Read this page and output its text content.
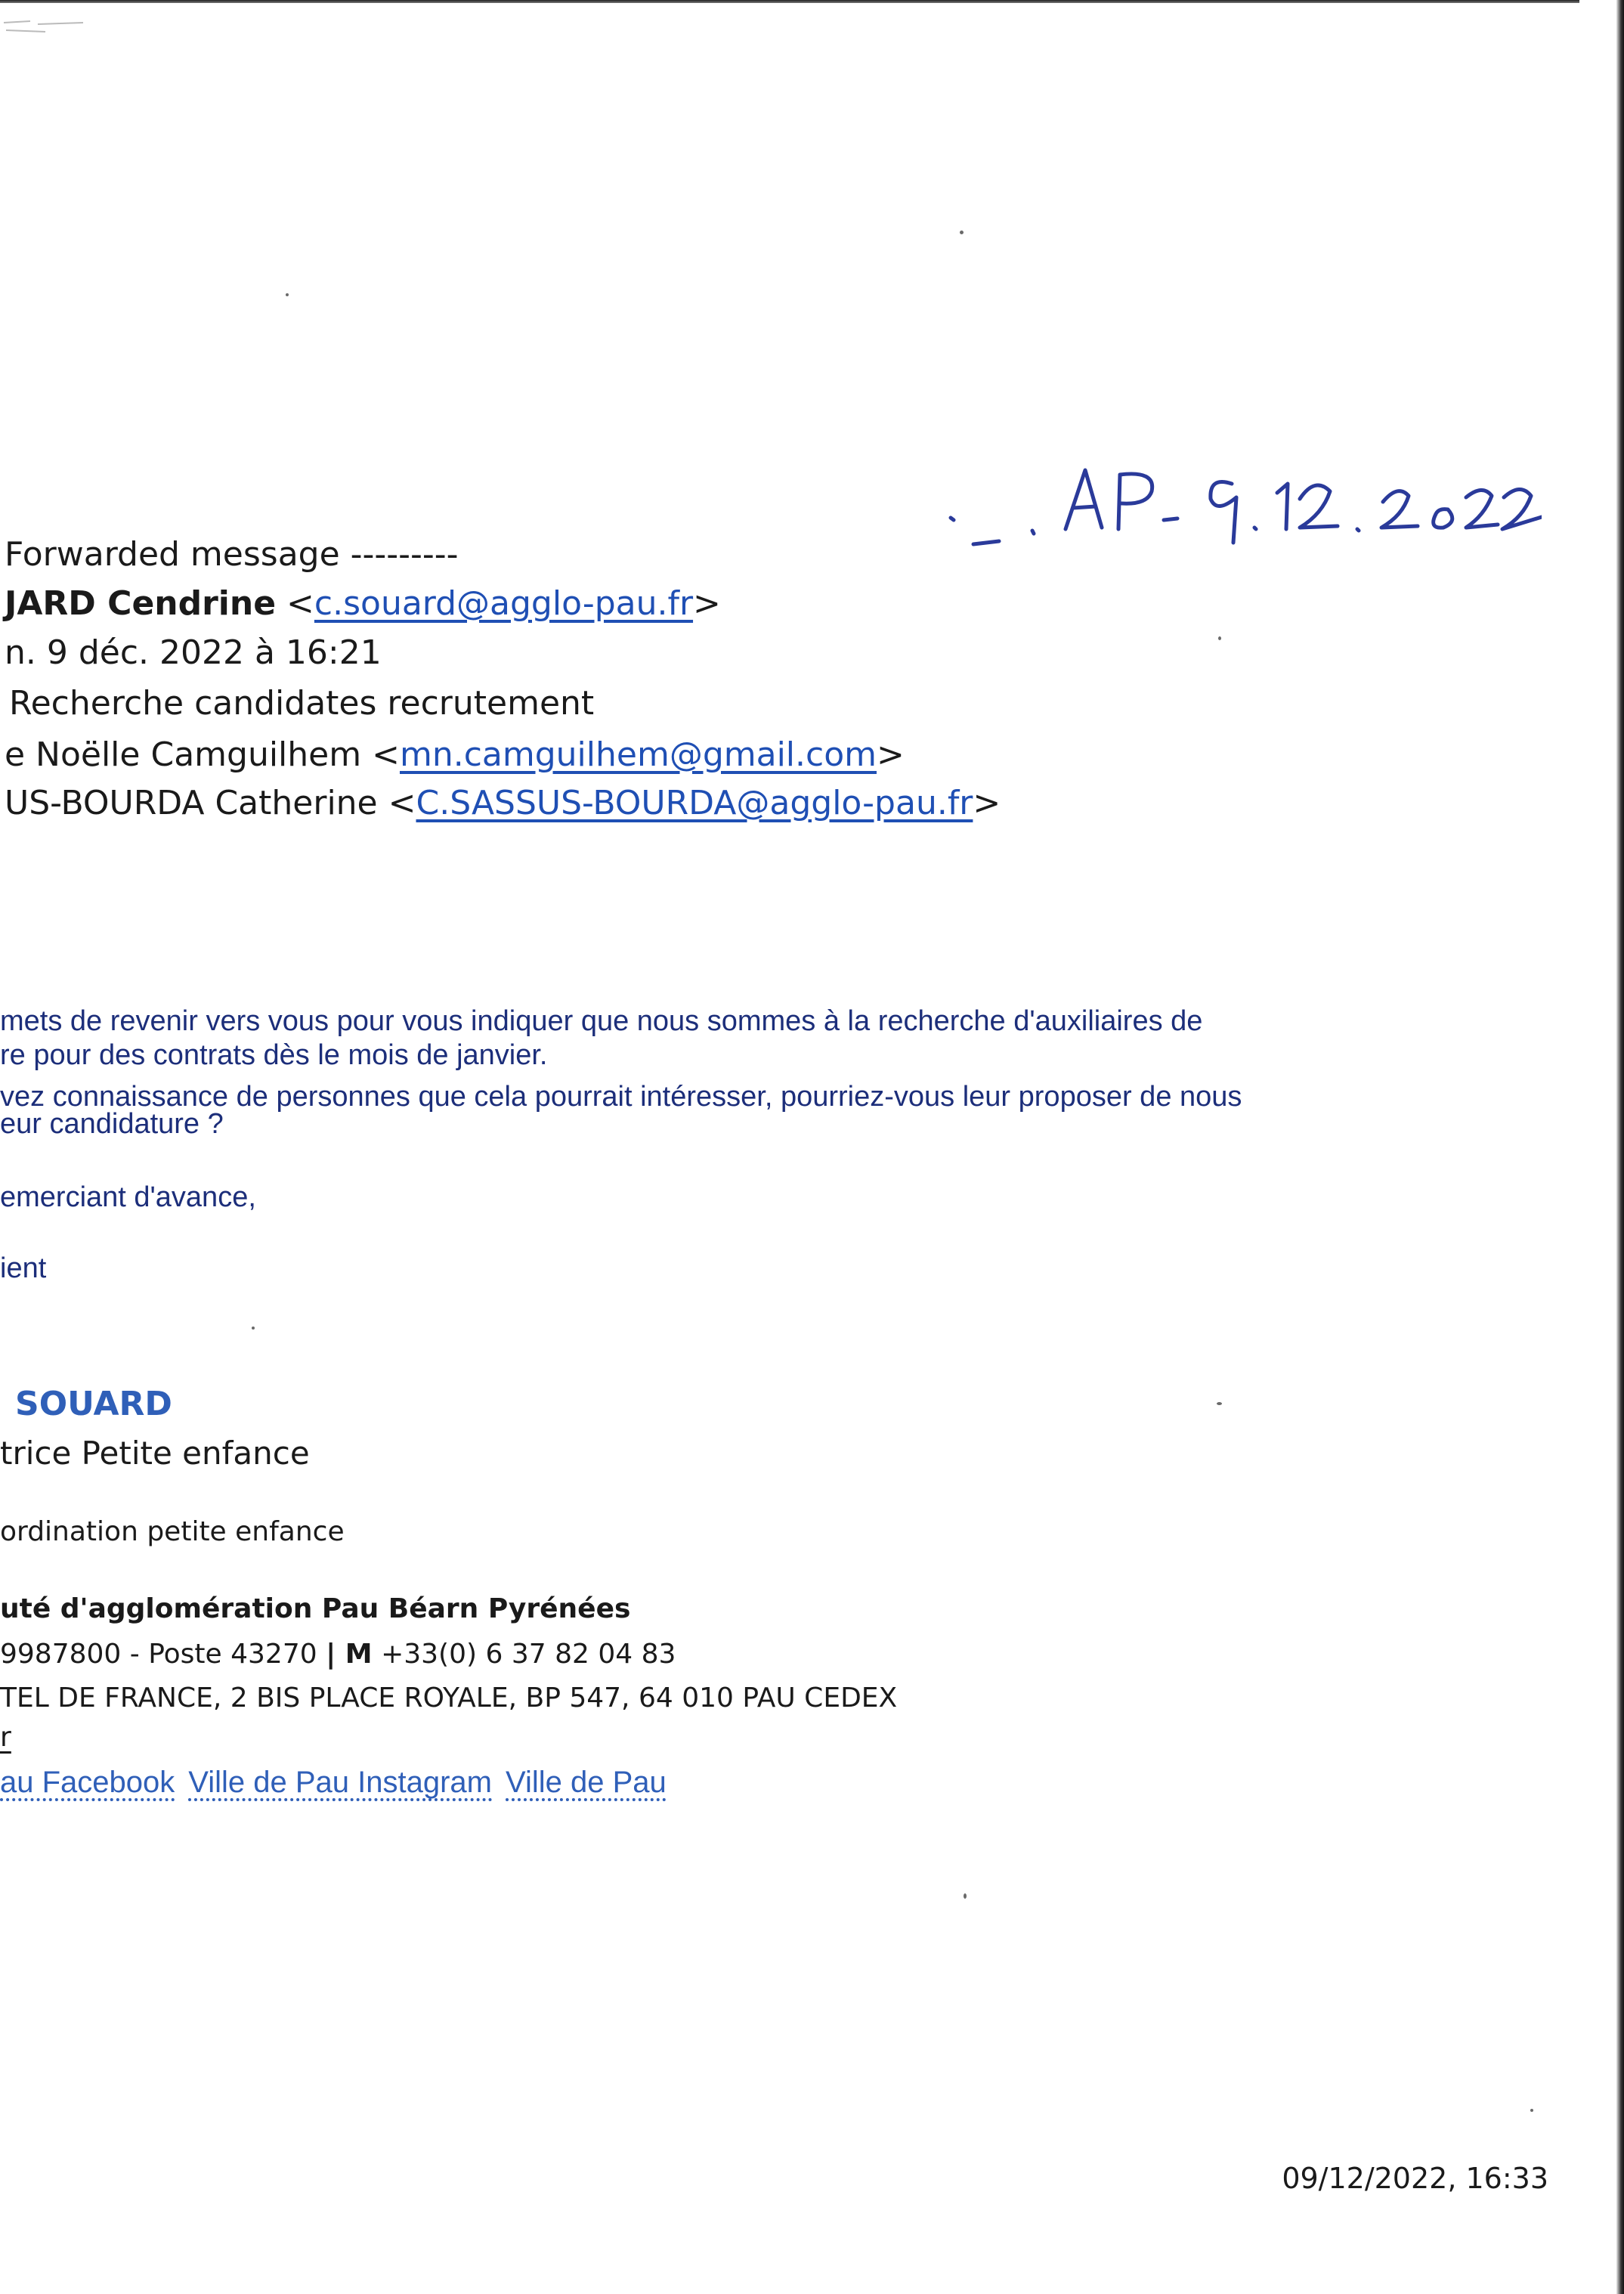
Forwarded message ---------
JARD Cendrine <c.souard@agglo-pau.fr>
n. 9 déc. 2022 à 16:21
Recherche candidates recrutement
e Noëlle Camguilhem <mn.camguilhem@gmail.com>
US-BOURDA Catherine <C.SASSUS-BOURDA@agglo-pau.fr>
mets de revenir vers vous pour vous indiquer que nous sommes à la recherche d'auxiliaires de
re pour des contrats dès le mois de janvier.
vez connaissance de personnes que cela pourrait intéresser, pourriez-vous leur proposer de nous
eur candidature ?
emerciant d'avance,
ient
SOUARD
trice Petite enfance
ordination petite enfance
uté d'agglomération Pau Béarn Pyrénées
9987800 - Poste 43270 | M +33(0) 6 37 82 04 83
TEL DE FRANCE, 2 BIS PLACE ROYALE, BP 547, 64 010 PAU CEDEX
r
au Facebook Ville de Pau Instagram Ville de Pau
09/12/2022, 16:33
